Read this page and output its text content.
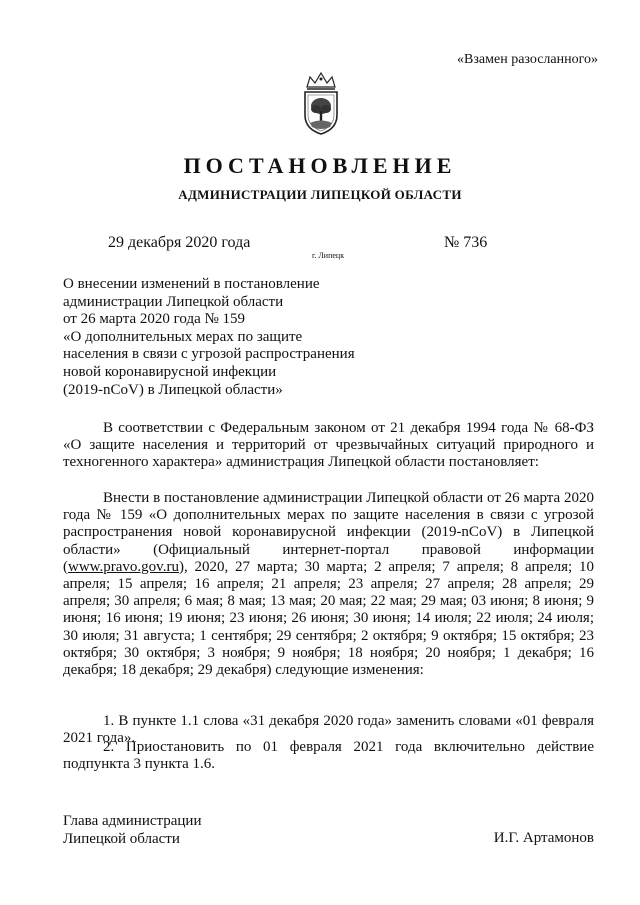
«Взамен разосланного»
ПОСТАНОВЛЕНИЕ
АДМИНИСТРАЦИИ ЛИПЕЦКОЙ ОБЛАСТИ
29 декабря 2020 года
г. Липецк
№ 736
О внесении изменений в постановление
администрации Липецкой области
от 26 марта 2020 года № 159
«О дополнительных мерах по защите
населения в связи с угрозой распространения
новой коронавирусной инфекции
(2019-nCoV) в Липецкой области»
В соответствии с Федеральным законом от 21 декабря 1994 года № 68-ФЗ «О защите населения и территорий от чрезвычайных ситуаций природного и техногенного характера» администрация Липецкой области постановляет:
Внести в постановление администрации Липецкой области от 26 марта 2020 года № 159 «О дополнительных мерах по защите населения в связи с угрозой распространения новой коронавирусной инфекции (2019-nCoV) в Липецкой области» (Официальный интернет-портал правовой информации (www.pravo.gov.ru), 2020, 27 марта; 30 марта; 2 апреля; 7 апреля; 8 апреля; 10 апреля; 15 апреля; 16 апреля; 21 апреля; 23 апреля; 27 апреля; 28 апреля; 29 апреля; 30 апреля; 6 мая; 8 мая; 13 мая; 20 мая; 22 мая; 29 мая; 03 июня; 8 июня; 9 июня; 16 июня; 19 июня; 23 июня; 26 июня; 30 июня; 14 июля; 22 июля; 24 июля; 30 июля; 31 августа; 1 сентября; 29 сентября; 2 октября; 9 октября; 15 октября; 23 октября; 30 октября; 3 ноября; 9 ноября; 18 ноября; 20 ноября; 1 декабря; 16 декабря; 18 декабря; 29 декабря) следующие изменения:
1. В пункте 1.1 слова «31 декабря 2020 года» заменить словами «01 февраля 2021 года».
2. Приостановить по 01 февраля 2021 года включительно действие подпункта 3 пункта 1.6.
Глава администрации
Липецкой области	И.Г. Артамонов
